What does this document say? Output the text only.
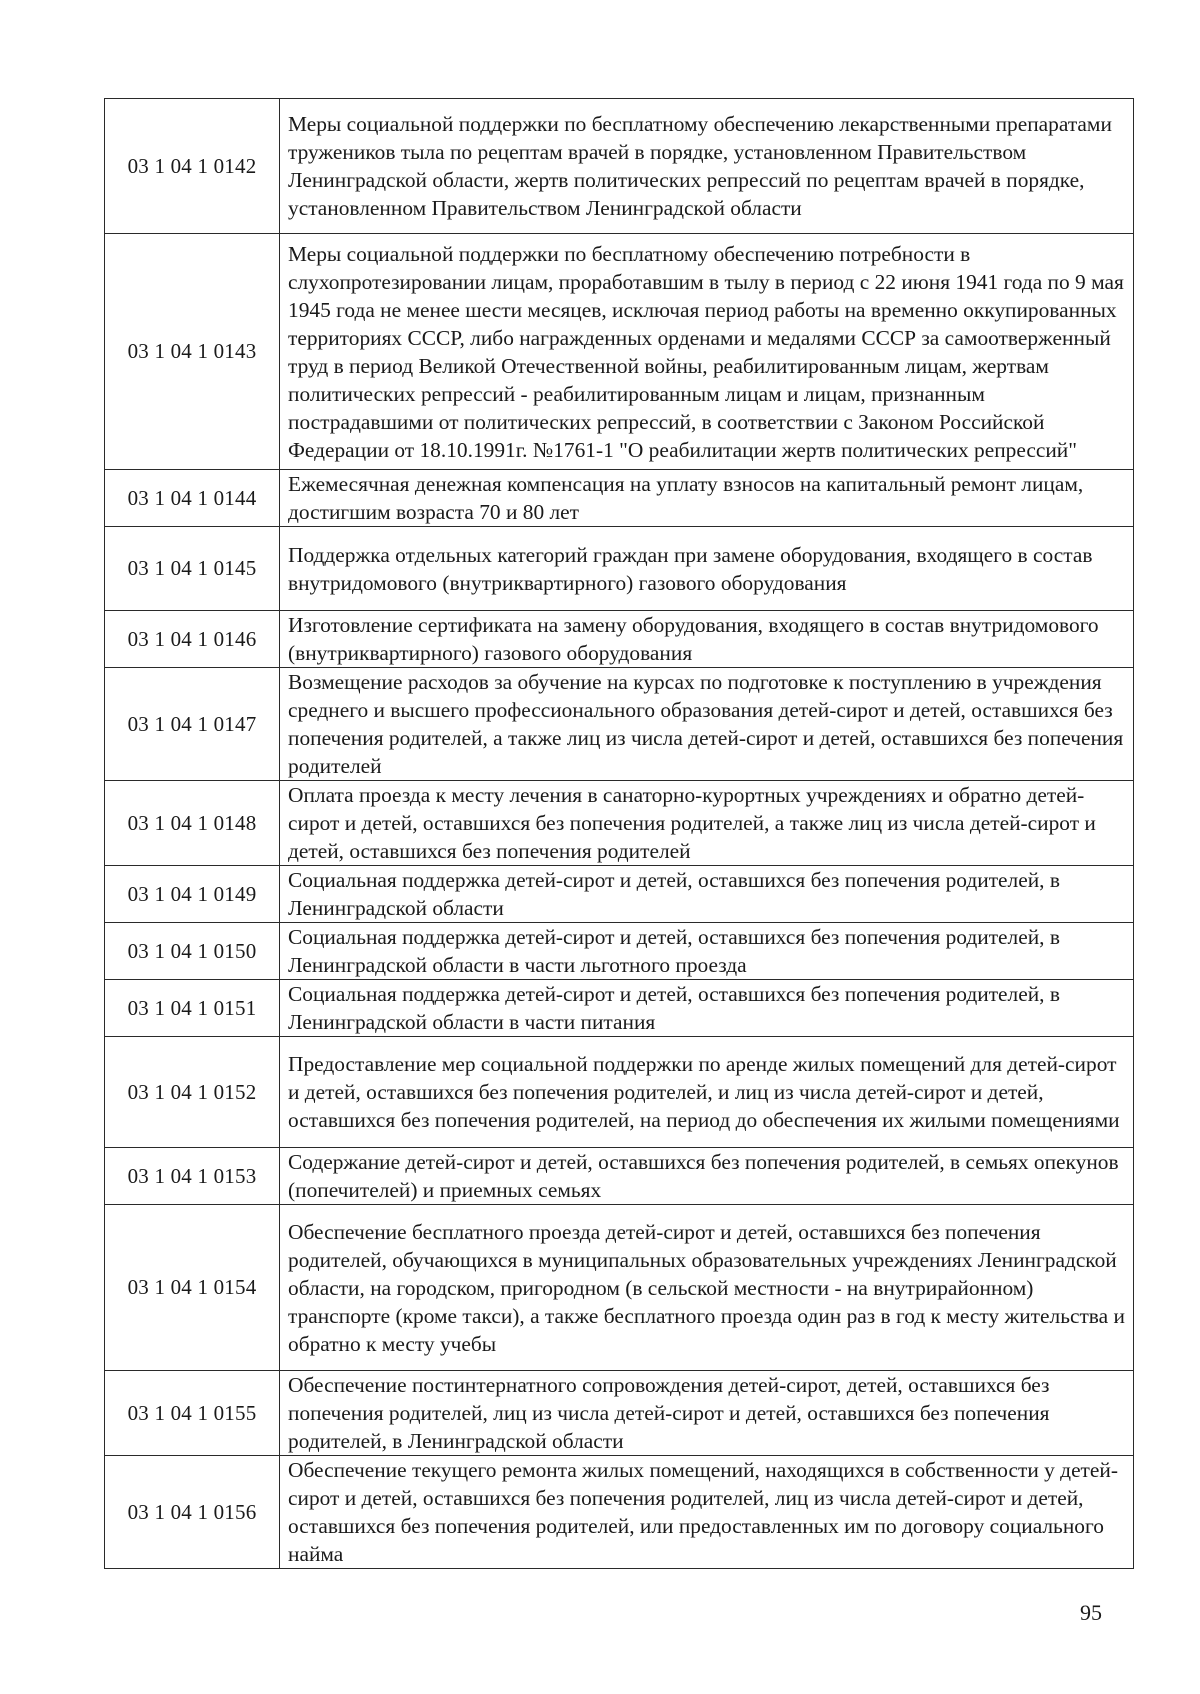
03 1 04 1 0142	Меры социальной поддержки по бесплатному обеспечению лекарственными препаратами тружеников тыла по рецептам врачей в порядке, установленном Правительством Ленинградской области, жертв политических репрессий по рецептам врачей в порядке, установленном Правительством Ленинградской области
03 1 04 1 0143	Меры социальной поддержки по бесплатному обеспечению потребности в слухопротезировании лицам, проработавшим в тылу в период с 22 июня 1941 года по 9 мая 1945 года не менее шести месяцев, исключая период работы на временно оккупированных территориях СССР, либо награжденных орденами и медалями СССР за самоотверженный труд в период Великой Отечественной войны, реабилитированным лицам, жертвам политических репрессий - реабилитированным лицам и лицам, признанным пострадавшими от политических репрессий, в соответствии с Законом Российской Федерации от 18.10.1991г. №1761-1 "О реабилитации жертв политических репрессий"
03 1 04 1 0144	Ежемесячная денежная компенсация на уплату взносов на капитальный ремонт лицам, достигшим возраста 70 и 80 лет
03 1 04 1 0145	Поддержка отдельных категорий граждан при замене оборудования, входящего в состав внутридомового (внутриквартирного) газового оборудования
03 1 04 1 0146	Изготовление сертификата на замену оборудования, входящего в состав внутридомового (внутриквартирного) газового оборудования
03 1 04 1 0147	Возмещение расходов за обучение на курсах по подготовке к поступлению в учреждения среднего и высшего профессионального образования детей-сирот и детей, оставшихся без попечения родителей, а также лиц из числа детей-сирот и детей, оставшихся без попечения родителей
03 1 04 1 0148	Оплата проезда к месту лечения в санаторно-курортных учреждениях и обратно детей-сирот и детей, оставшихся без попечения родителей, а также лиц из числа детей-сирот и детей, оставшихся без попечения родителей
03 1 04 1 0149	Социальная поддержка детей-сирот и детей, оставшихся без попечения родителей, в Ленинградской области
03 1 04 1 0150	Социальная поддержка детей-сирот и детей, оставшихся без попечения родителей, в Ленинградской области в части льготного проезда
03 1 04 1 0151	Социальная поддержка детей-сирот и детей, оставшихся без попечения родителей, в Ленинградской области в части питания
03 1 04 1 0152	Предоставление мер социальной поддержки по аренде жилых помещений для детей-сирот и детей, оставшихся без попечения родителей, и лиц из числа детей-сирот и детей, оставшихся без попечения родителей, на период до обеспечения их жилыми помещениями
03 1 04 1 0153	Содержание детей-сирот и детей, оставшихся без попечения родителей, в семьях опекунов (попечителей) и приемных семьях
03 1 04 1 0154	Обеспечение бесплатного проезда детей-сирот и детей, оставшихся без попечения родителей, обучающихся в муниципальных образовательных учреждениях Ленинградской области, на городском, пригородном (в сельской местности - на внутрирайонном) транспорте (кроме такси), а также бесплатного проезда один раз в год к месту жительства и обратно к месту учебы
03 1 04 1 0155	Обеспечение постинтернатного сопровождения детей-сирот, детей, оставшихся без попечения родителей, лиц из числа детей-сирот и детей, оставшихся без попечения родителей, в Ленинградской области
03 1 04 1 0156	Обеспечение текущего ремонта жилых помещений, находящихся в собственности у детей-сирот и детей, оставшихся без попечения родителей, лиц из числа детей-сирот и детей, оставшихся без попечения родителей, или предоставленных им по договору социального найма
95
